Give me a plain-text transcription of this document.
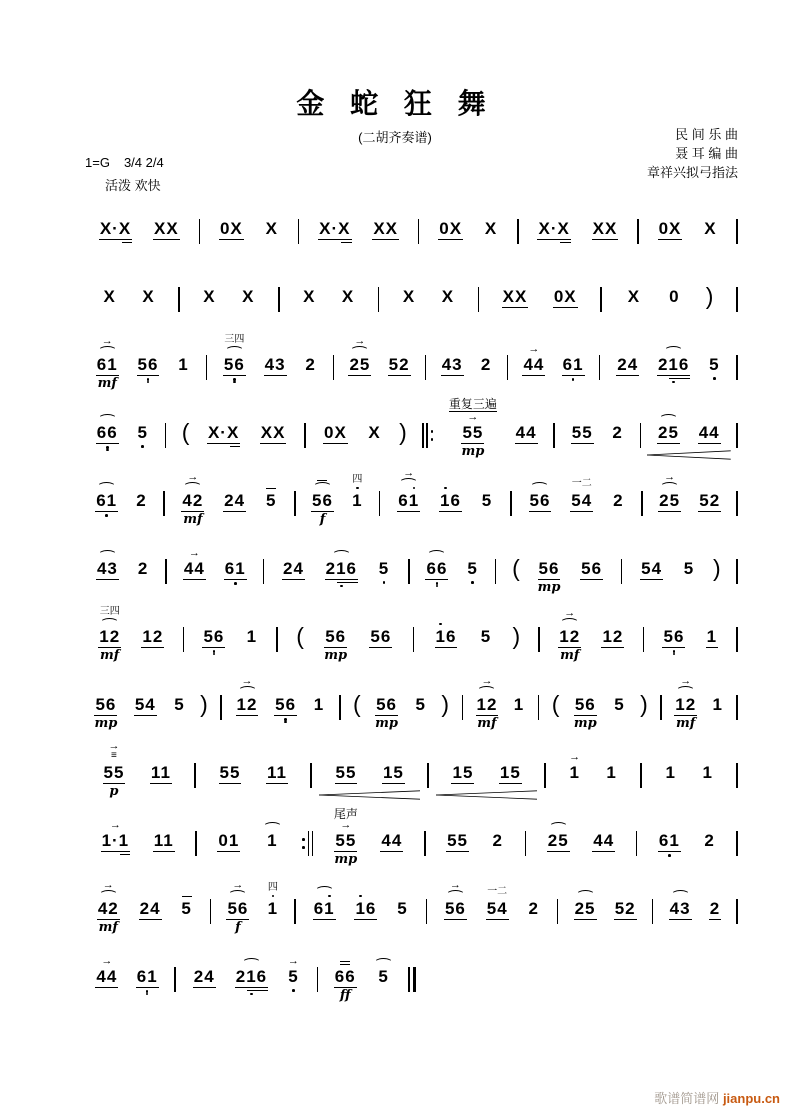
金 蛇 狂 舞
(二胡齐奏谱)	民 间 乐 曲
聂 耳 编 曲
章祥兴拟弓指法
1=G 3/4 2/4
活泼 欢快
X·X XX 0X X X·X XX 0X X X·X XX 0X X
X X	X X	X X	X X	XX 0X	X 0 )
→
61
mf
56 1
三四
56 43 2
→
25 52 43 2
→
44 61 24 216 5
66 5 ( X·X XX 0X X )
重复三遍
→
55
mp
44 55 2 25 44
61 2
→
42
mf
24 5 56
f
四
1
→
61 16 5 56
一二
54 2
→
25 52
43 2
→
44 61 24 216 5 66 5 ( 56
mp
56 54 5 )
三四
12
mf
12 56 1 ( 56
mp
56	16 5 )
→
12
mf
12 56 1
56
mp
54 5 )
→
12 56 1 ( 56
mp
5 )
→
12
mf
1 ( 56
mp
5 )
→
12
mf
1
→
≡
55
p
11	55 11	55 15	15 15
→
1 1	1 1
→
1·1 11	01 1
尾声
→
55
mp
44	55 2	25 44	61 2
→
42
mf
24 5
→
56
f
四
1 61 16 5
→
56
一二
54 2 25 52 43 2
→
44 61 24 216
→
5 66
ff
5
歌谱简谱网 jianpu.cn
